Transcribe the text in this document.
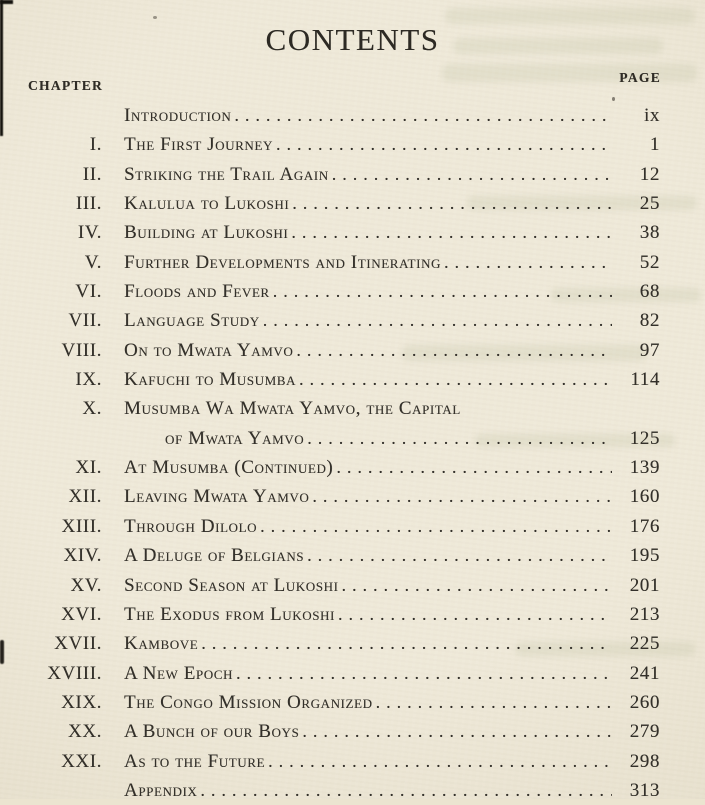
CONTENTS
CHAPTER
PAGE
Introduction .....	ix
I.	The First Journey .....	1
II.	Striking the Trail Again .....	12
III.	Kalulua to Lukoshi .....	25
IV.	Building at Lukoshi .....	38
V.	Further Developments and Itinerating .....	52
VI.	Floods and Fever .....	68
VII.	Language Study .....	82
VIII.	On to Mwata Yamvo .....	97
IX.	Kafuchi to Musumba .....	114
X.	Musumba Wa Mwata Yamvo, the Capital
of Mwata Yamvo .....	125
XI.	At Musumba (Continued) .....	139
XII.	Leaving Mwata Yamvo .....	160
XIII.	Through Dilolo .....	176
XIV.	A Deluge of Belgians .....	195
XV.	Second Season at Lukoshi .....	201
XVI.	The Exodus from Lukoshi .....	213
XVII.	Kambove .....	225
XVIII.	A New Epoch .....	241
XIX.	The Congo Mission Organized .....	260
XX.	A Bunch of our Boys .....	279
XXI.	As to the Future .....	298
Appendix .....	313
